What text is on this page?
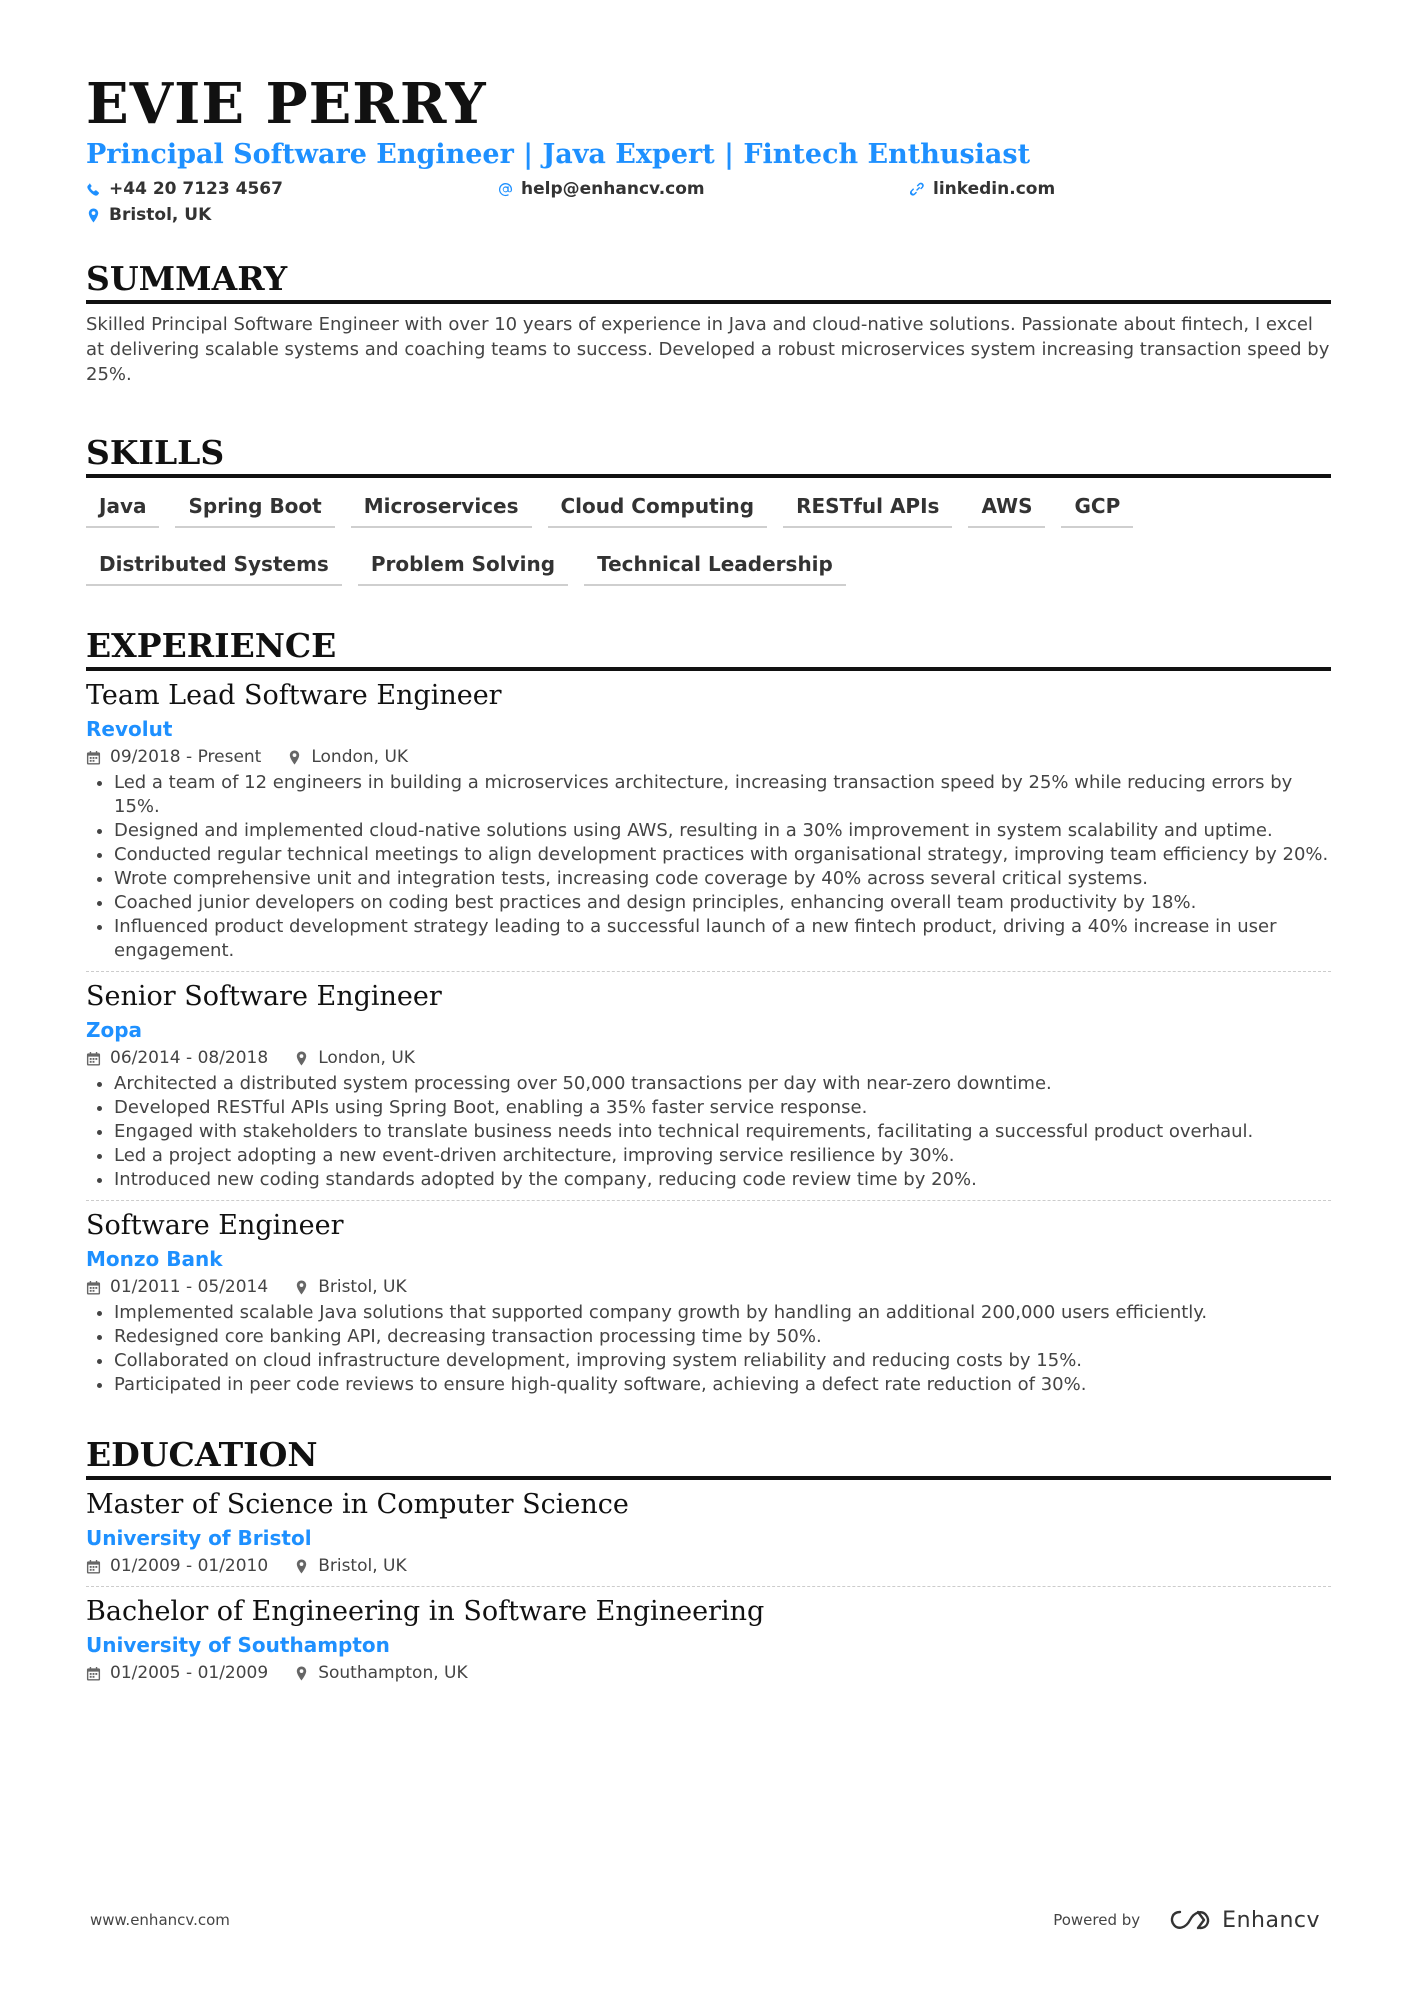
EVIE PERRY
Principal Software Engineer | Java Expert | Fintech Enthusiast
+44 20 7123 4567	help@enhancv.com	linkedin.com
Bristol, UK
SUMMARY
Skilled Principal Software Engineer with over 10 years of experience in Java and cloud-native solutions. Passionate about fintech, I excel at delivering scalable systems and coaching teams to success. Developed a robust microservices system increasing transaction speed by 25%.
SKILLS
Java	Spring Boot	Microservices	Cloud Computing	RESTful APIs	AWS	GCP
Distributed Systems	Problem Solving	Technical Leadership
EXPERIENCE
Team Lead Software Engineer
Revolut
09/2018 - Present	London, UK
• Led a team of 12 engineers in building a microservices architecture, increasing transaction speed by 25% while reducing errors by 15%.
• Designed and implemented cloud-native solutions using AWS, resulting in a 30% improvement in system scalability and uptime.
• Conducted regular technical meetings to align development practices with organisational strategy, improving team efficiency by 20%.
• Wrote comprehensive unit and integration tests, increasing code coverage by 40% across several critical systems.
• Coached junior developers on coding best practices and design principles, enhancing overall team productivity by 18%.
• Influenced product development strategy leading to a successful launch of a new fintech product, driving a 40% increase in user engagement.
Senior Software Engineer
Zopa
06/2014 - 08/2018	London, UK
• Architected a distributed system processing over 50,000 transactions per day with near-zero downtime.
• Developed RESTful APIs using Spring Boot, enabling a 35% faster service response.
• Engaged with stakeholders to translate business needs into technical requirements, facilitating a successful product overhaul.
• Led a project adopting a new event-driven architecture, improving service resilience by 30%.
• Introduced new coding standards adopted by the company, reducing code review time by 20%.
Software Engineer
Monzo Bank
01/2011 - 05/2014	Bristol, UK
• Implemented scalable Java solutions that supported company growth by handling an additional 200,000 users efficiently.
• Redesigned core banking API, decreasing transaction processing time by 50%.
• Collaborated on cloud infrastructure development, improving system reliability and reducing costs by 15%.
• Participated in peer code reviews to ensure high-quality software, achieving a defect rate reduction of 30%.
EDUCATION
Master of Science in Computer Science
University of Bristol
01/2009 - 01/2010	Bristol, UK
Bachelor of Engineering in Software Engineering
University of Southampton
01/2005 - 01/2009	Southampton, UK
www.enhancv.com	Powered by	Enhancv
